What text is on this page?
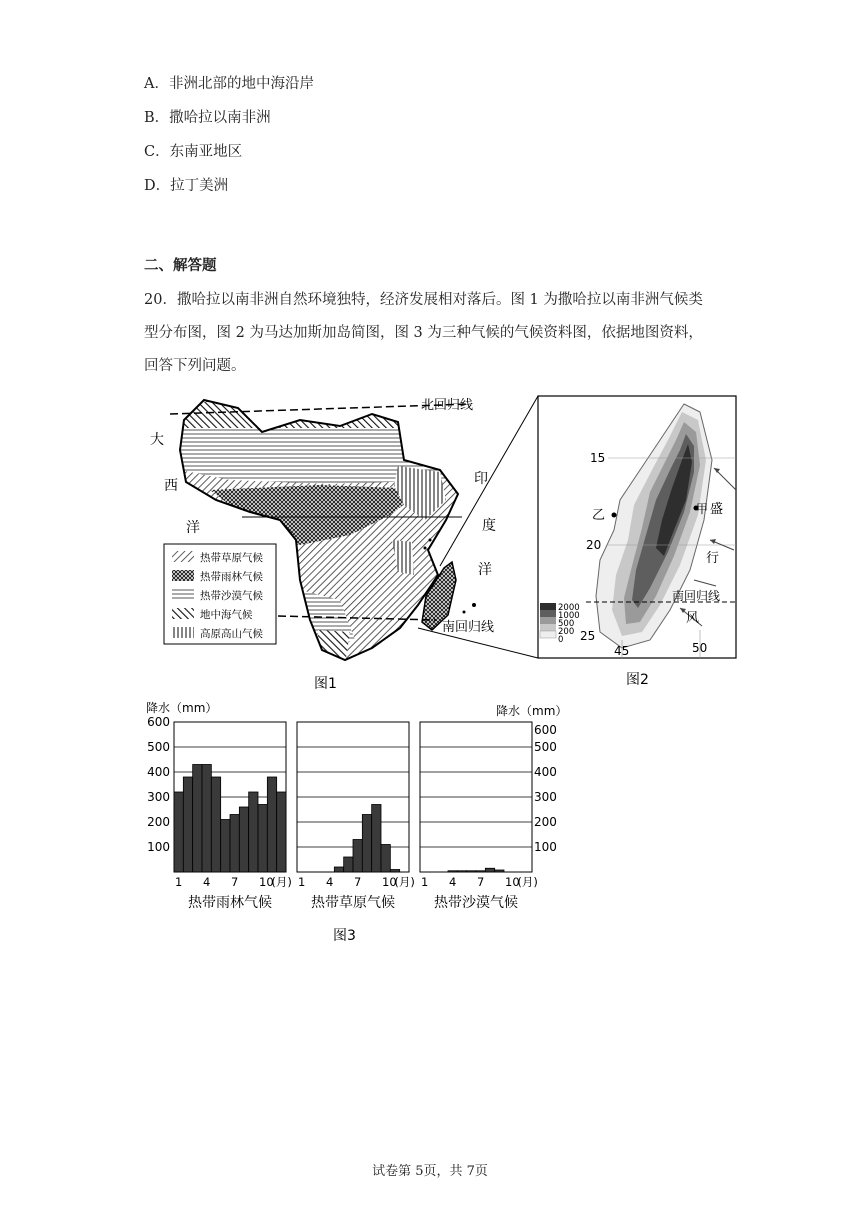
A．非洲北部的地中海沿岸
B．撒哈拉以南非洲
C．东南亚地区
D．拉丁美洲
二、解答题
20．撒哈拉以南非洲自然环境独特，经济发展相对落后。图 1 为撒哈拉以南非洲气候类
型分布图，图 2 为马达加斯加岛简图，图 3 为三种气候的气候资料图，依据地图资料，
回答下列问题。
北回归线
南回归线
大
西
洋
印
度
洋
热带草原气候
热带雨林气候
热带沙漠气候
地中海气候
高原高山气候
图1
15
20
25
45	50
甲
乙	盛
行
风
南回归线
2000
1000
500
200
0
图2
降水（mm）	降水（mm）
1 4 7 10
(月)
热带雨林气候
1 4 7 10
(月)
热带草原气候
1 4 7 10
(月)
热带沙漠气候
600
500
400
300
200
100
600
500
400
300
200
100
图3
试卷第 5页，共 7页
